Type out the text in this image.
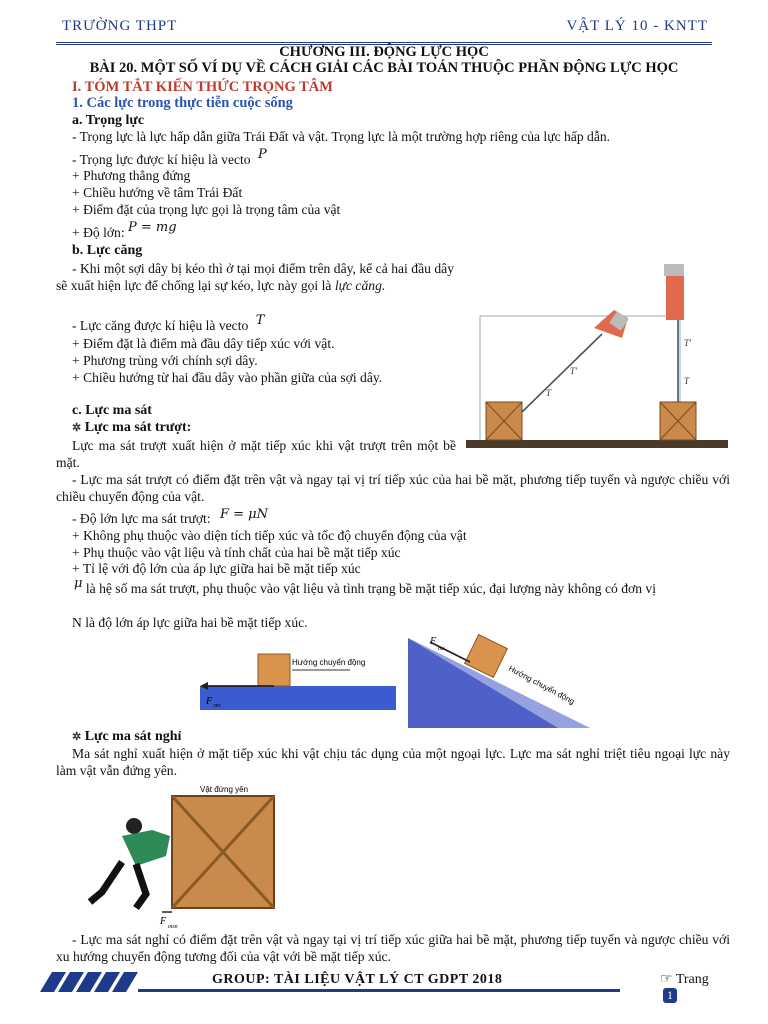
TRƯỜNG THPT	VẬT LÝ 10 - KNTT
CHƯƠNG III. ĐỘNG LỰC HỌC
BÀI 20. MỘT SỐ VÍ DỤ VỀ CÁCH GIẢI CÁC BÀI TOÁN THUỘC PHẦN ĐỘNG LỰC HỌC
I. TÓM TẮT KIẾN THỨC TRỌNG TÂM
1. Các lực trong thực tiễn cuộc sống
a. Trọng lực
- Trọng lực là lực hấp dẫn giữa Trái Đất và vật. Trọng lực là một trường hợp riêng của lực hấp dẫn.
- Trọng lực được kí hiệu là vecto P
+ Phương thẳng đứng
+ Chiều hướng về tâm Trái Đất
+ Điểm đặt của trọng lực gọi là trọng tâm của vật
+ Độ lớn: P = mg
b. Lực căng
- Khi một sợi dây bị kéo thì ở tại mọi điểm trên dây, kể cả hai đầu dây sẽ xuất hiện lực để chống lại sự kéo, lực này gọi là lực căng.
- Lực căng được kí hiệu là vecto T
+ Điểm đặt là điểm mà đầu dây tiếp xúc với vật.
+ Phương trùng với chính sợi dây.
+ Chiều hướng từ hai đầu dây vào phần giữa của sợi dây.
T
T'
T'
T
c. Lực ma sát
✲ Lực ma sát trượt:
Lực ma sát trượt xuất hiện ở mặt tiếp xúc khi vật trượt trên một bề mặt.
- Lực ma sát trượt có điểm đặt trên vật và ngay tại vị trí tiếp xúc của hai bề mặt, phương tiếp tuyến và ngược chiều với chiều chuyển động của vật.
- Độ lớn lực ma sát trượt: F = μN
+ Không phụ thuộc vào diện tích tiếp xúc và tốc độ chuyển động của vật
+ Phụ thuộc vào vật liệu và tính chất của hai bề mặt tiếp xúc
+ Tỉ lệ với độ lớn của áp lực giữa hai bề mặt tiếp xúc
μ là hệ số ma sát trượt, phụ thuộc vào vật liệu và tình trạng bề mặt tiếp xúc, đại lượng này không có đơn vị
N là độ lớn áp lực giữa hai bề mặt tiếp xúc.
Hướng chuyển động
F ms
F
ms
Hướng chuyển động
✲ Lực ma sát nghỉ
Ma sát nghỉ xuất hiện ở mặt tiếp xúc khi vật chịu tác dụng của một ngoại lực. Lực ma sát nghỉ triệt tiêu ngoại lực này làm vật vẫn đứng yên.
Vật đứng yên
F msn
- Lực ma sát nghỉ có điểm đặt trên vật và ngay tại vị trí tiếp xúc giữa hai bề mặt, phương tiếp tuyến và ngược chiều với xu hướng chuyển động tương đối của vật với bề mặt tiếp xúc.
GROUP: TÀI LIỆU VẬT LÝ CT GDPT 2018	☞ Trang 1
